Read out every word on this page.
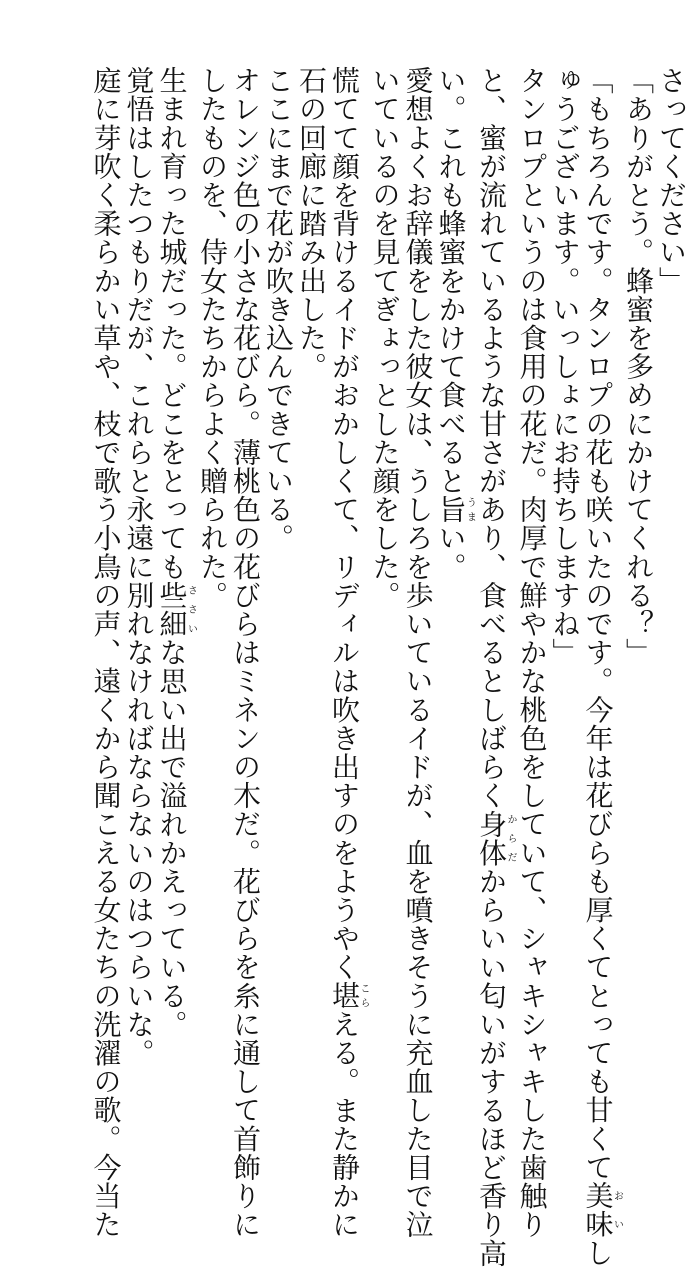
さってください」
「ありがとう。蜂蜜を多めにかけてくれる？」
「もちろんです。タンロプの花も咲いたのです。今年は花びらも厚くてとっても甘くて美味おいし
ゅうございます。いっしょにお持ちしますね」
タンロプというのは食用の花だ。肉厚で鮮やかな桃色をしていて、シャキシャキした歯触り
と、蜜が流れているような甘さがあり、食べるとしばらく身体からだからいい匂いがするほど香り高
い。これも蜂蜜をかけて食べると旨うまい。
愛想よくお辞儀をした彼女は、うしろを歩いているイドが、血を噴きそうに充血した目で泣
いているのを見てぎょっとした顔をした。
慌てて顔を背けるイドがおかしくて、リディルは吹き出すのをようやく堪こらえる。また静かに
石の回廊に踏み出した。
ここにまで花が吹き込んできている。
オレンジ色の小さな花びら。薄桃色の花びらはミネンの木だ。花びらを糸に通して首飾りに
したものを、侍女たちからよく贈られた。
生まれ育った城だった。どこをとっても些細ささいな思い出で溢れかえっている。
覚悟はしたつもりだが、これらと永遠に別れなければならないのはつらいな。
庭に芽吹く柔らかい草や、枝で歌う小鳥の声、遠くから聞こえる女たちの洗濯の歌。今当た
